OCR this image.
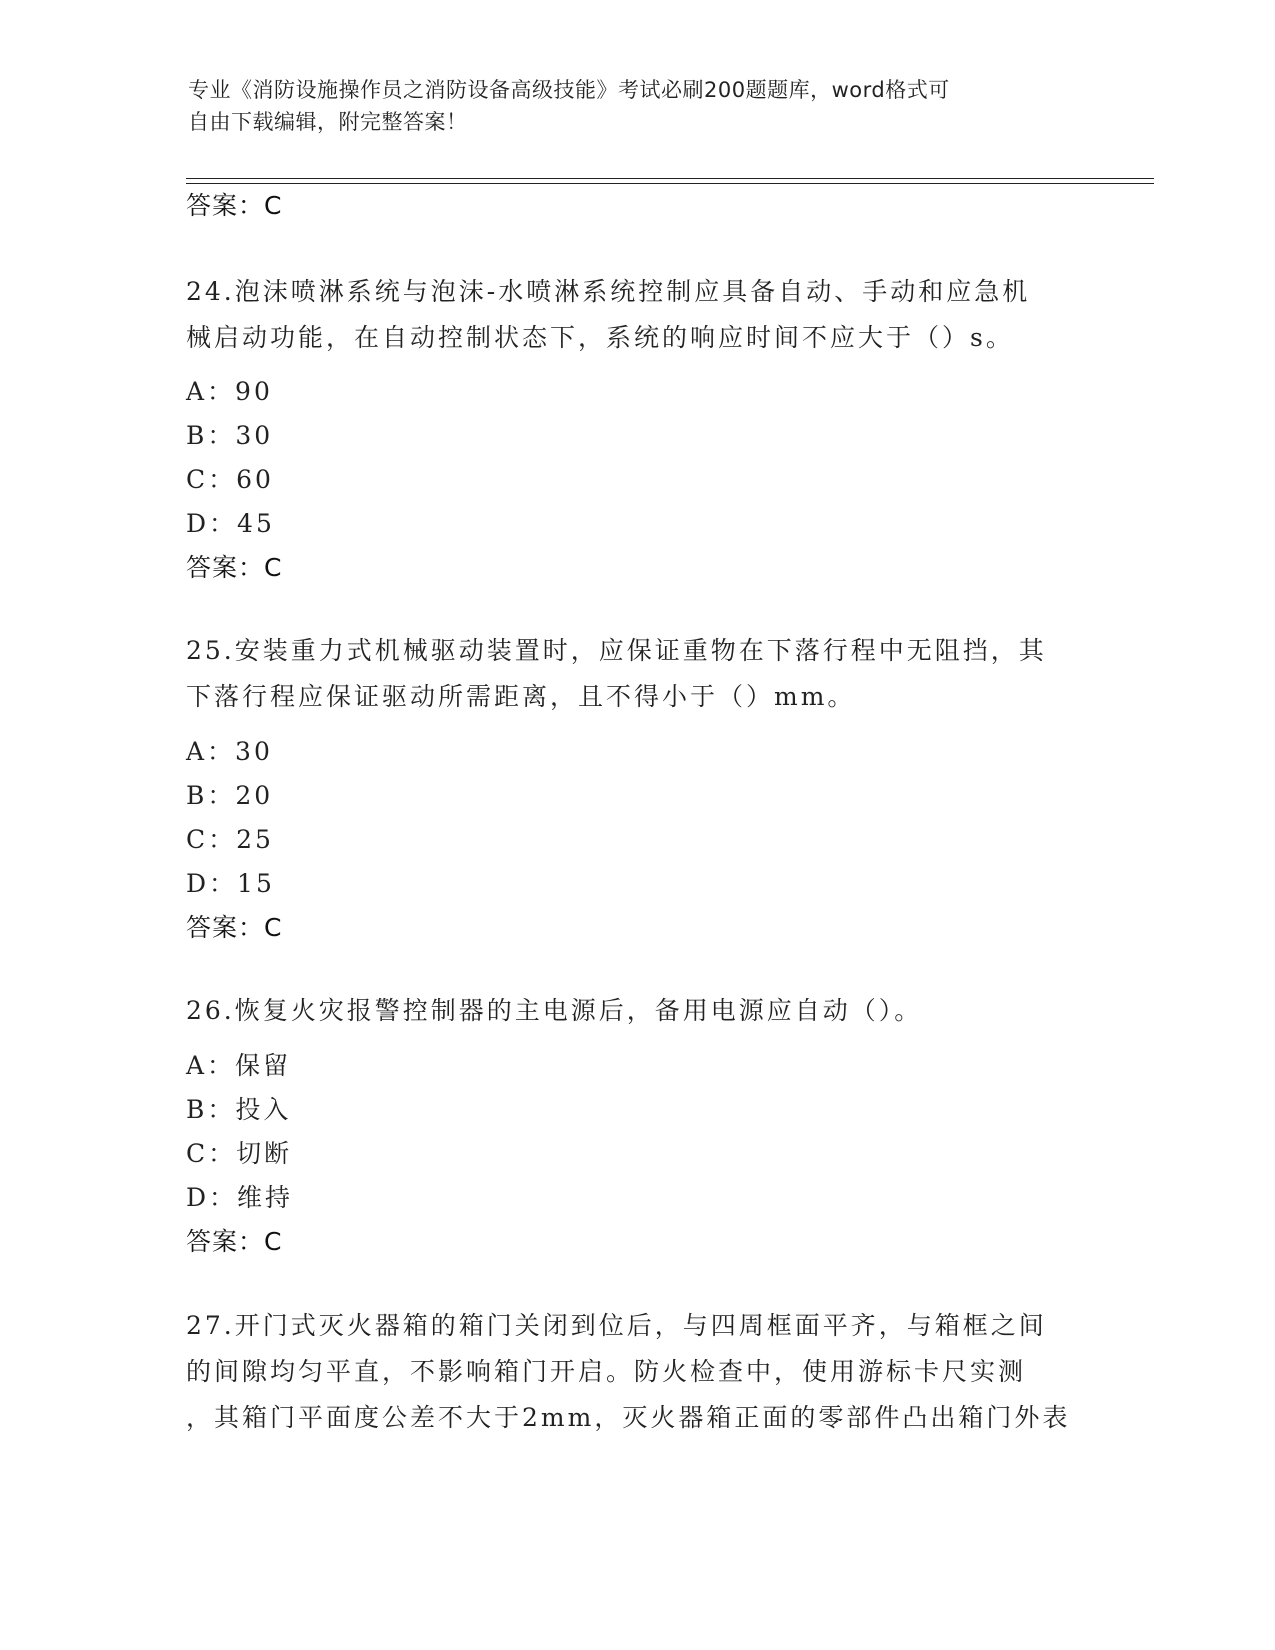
专业《消防设施操作员之消防设备高级技能》考试必刷200题题库，word格式可
自由下载编辑，附完整答案！
答案：C
24.泡沫喷淋系统与泡沫-水喷淋系统控制应具备自动、手动和应急机
械启动功能，在自动控制状态下，系统的响应时间不应大于（）s。
A：90
B：30
C：60
D：45
答案：C
25.安装重力式机械驱动装置时，应保证重物在下落行程中无阻挡，其
下落行程应保证驱动所需距离，且不得小于（）mm。
A：30
B：20
C：25
D：15
答案：C
26.恢复火灾报警控制器的主电源后，备用电源应自动（）。
A：保留
B：投入
C：切断
D：维持
答案：C
27.开门式灭火器箱的箱门关闭到位后，与四周框面平齐，与箱框之间
的间隙均匀平直，不影响箱门开启。防火检查中，使用游标卡尺实测
，其箱门平面度公差不大于2mm，灭火器箱正面的零部件凸出箱门外表
